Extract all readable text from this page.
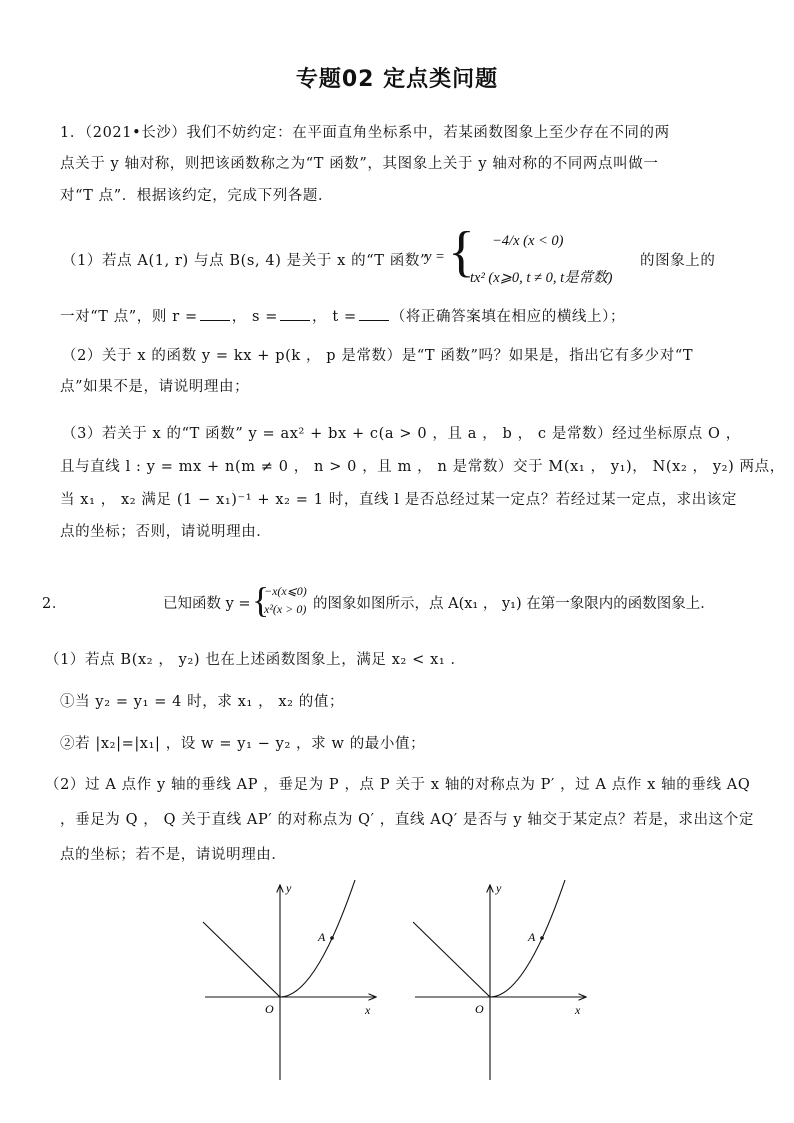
专题02 定点类问题
1．（2021•长沙）我们不妨约定：在平面直角坐标系中，若某函数图象上至少存在不同的两
点关于 y 轴对称，则把该函数称之为“T 函数”，其图象上关于 y 轴对称的不同两点叫做一
对“T 点”．根据该约定，完成下列各题．
（1）若点 A(1, r) 与点 B(s, 4) 是关于 x 的“T 函数”
y = { −4/x (x < 0)
tx² (x⩾0, t ≠ 0, t是常数)
的图象上的
一对“T 点”，则 r = ， s = ， t = （将正确答案填在相应的横线上）；
（2）关于 x 的函数 y = kx + p(k ， p 是常数）是“T 函数”吗？如果是，指出它有多少对“T
点”如果不是，请说明理由；
（3）若关于 x 的“T 函数” y = ax² + bx + c(a > 0 ，且 a ， b ， c 是常数）经过坐标原点 O ，
且与直线 l : y = mx + n(m ≠ 0 ， n > 0 ，且 m ， n 是常数）交于 M(x₁ ， y₁)， N(x₂ ， y₂) 两点，
当 x₁ ， x₂ 满足 (1 − x₁)⁻¹ + x₂ = 1 时，直线 l 是否总经过某一定点？若经过某一定点，求出该定
点的坐标；否则，请说明理由．
2．	已知函数 y = {
−x(x⩽0)
x²(x > 0) 的图象如图所示，点 A(x₁ ， y₁) 在第一象限内的函数图象上．
（1）若点 B(x₂ ， y₂) 也在上述函数图象上，满足 x₂ < x₁ ．
①当 y₂ = y₁ = 4 时，求 x₁ ， x₂ 的值；
②若 |x₂|=|x₁| ，设 w = y₁ − y₂ ，求 w 的最小值；
（2）过 A 点作 y 轴的垂线 AP ，垂足为 P ，点 P 关于 x 轴的对称点为 P′ ，过 A 点作 x 轴的垂线 AQ
，垂足为 Q ， Q 关于直线 AP′ 的对称点为 Q′ ，直线 AQ′ 是否与 y 轴交于某定点？若是，求出这个定
点的坐标；若不是，请说明理由．
y
x
O
A
y
x
O
A
